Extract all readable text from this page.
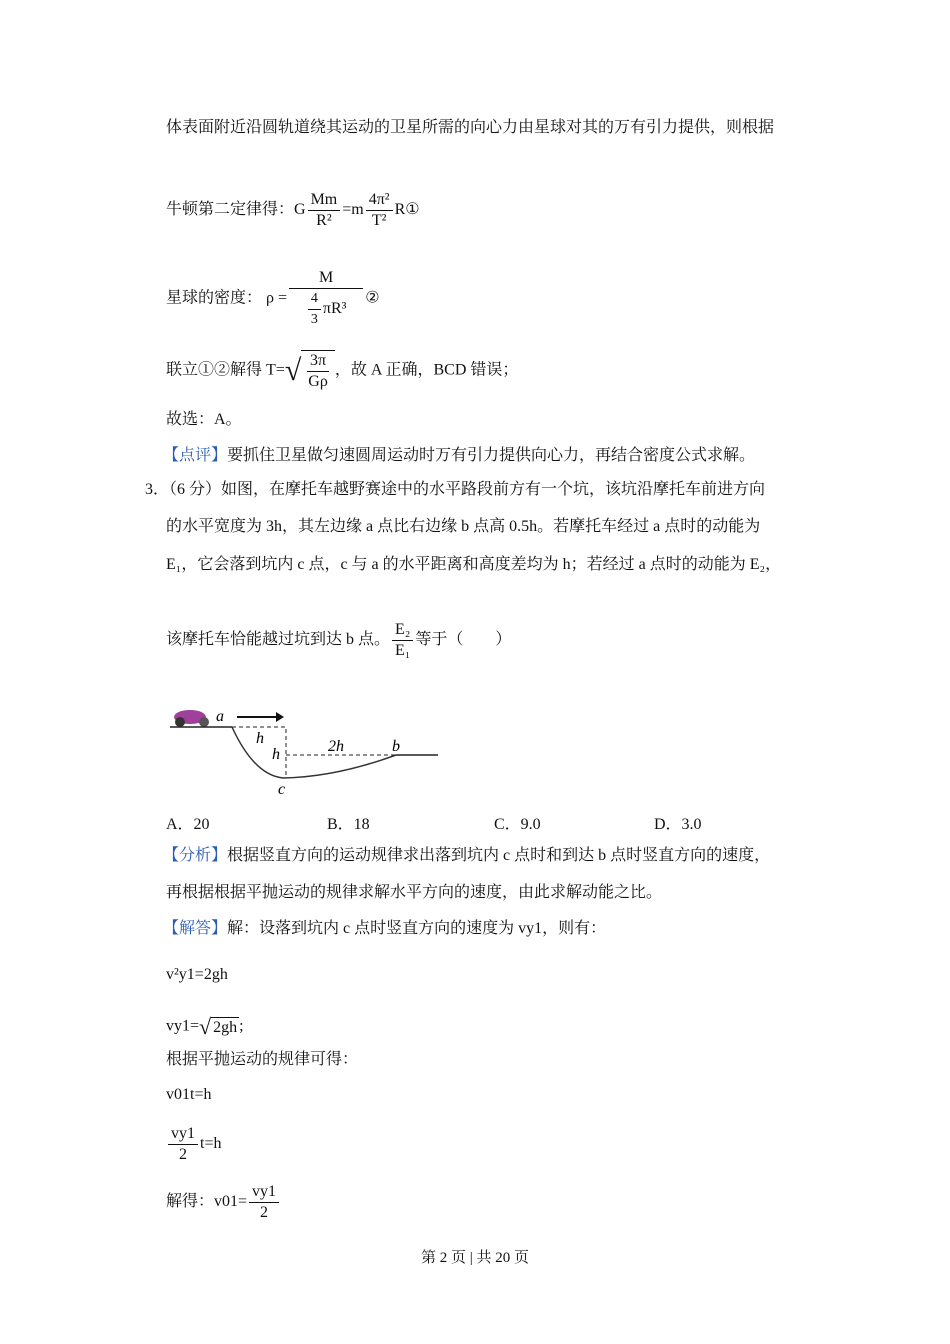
体表面附近沿圆轨道绕其运动的卫星所需的向心力由星球对其的万有引力提供，则根据
牛顿第二定律得：G $\frac{Mm}{\text{R²}} =m \frac{\text{4π²}}{\text{T²}}$ R①
星球的密度： $\rho = \frac{M}{\frac{4}{3} \pi R^3}$ ②
联立①②解得 T= √ $\frac{3\pi}{G\rho}$ ，故 A 正确，BCD 错误；
故选：A。
【点评】要抓住卫星做匀速圆周运动时万有引力提供向心力，再结合密度公式求解。
3．（6 分）如图，在摩托车越野赛途中的水平路段前方有一个坑，该坑沿摩托车前进方向
的水平宽度为 3h，其左边缘 a 点比右边缘 b 点高 0.5h。若摩托车经过 a 点时的动能为
E₁，它会落到坑内 c 点，c 与 a 的水平距离和高度差均为 h；若经过 a 点时的动能为 E₂，
该摩托车恰能越过坑到达 b 点。 $\frac{\text{E₂}}{\text{E₁}}$ 等于（　　）
a
h
h	2h	b
c
A．20	B．18	C．9.0	D．3.0
【分析】根据竖直方向的运动规律求出落到坑内 c 点时和到达 b 点时竖直方向的速度，
再根据根据平抛运动的规律求解水平方向的速度，由此求解动能之比。
【解答】解：设落到坑内 c 点时竖直方向的速度为 vy1，则有：
v²y1=2gh
vy1= √ 2gh ;
根据平抛运动的规律可得：
v01t=h
$\frac{vy1}{2} t=h$
解得：$v01= \frac{vy1}{2}$
第 2 页 | 共 20 页
